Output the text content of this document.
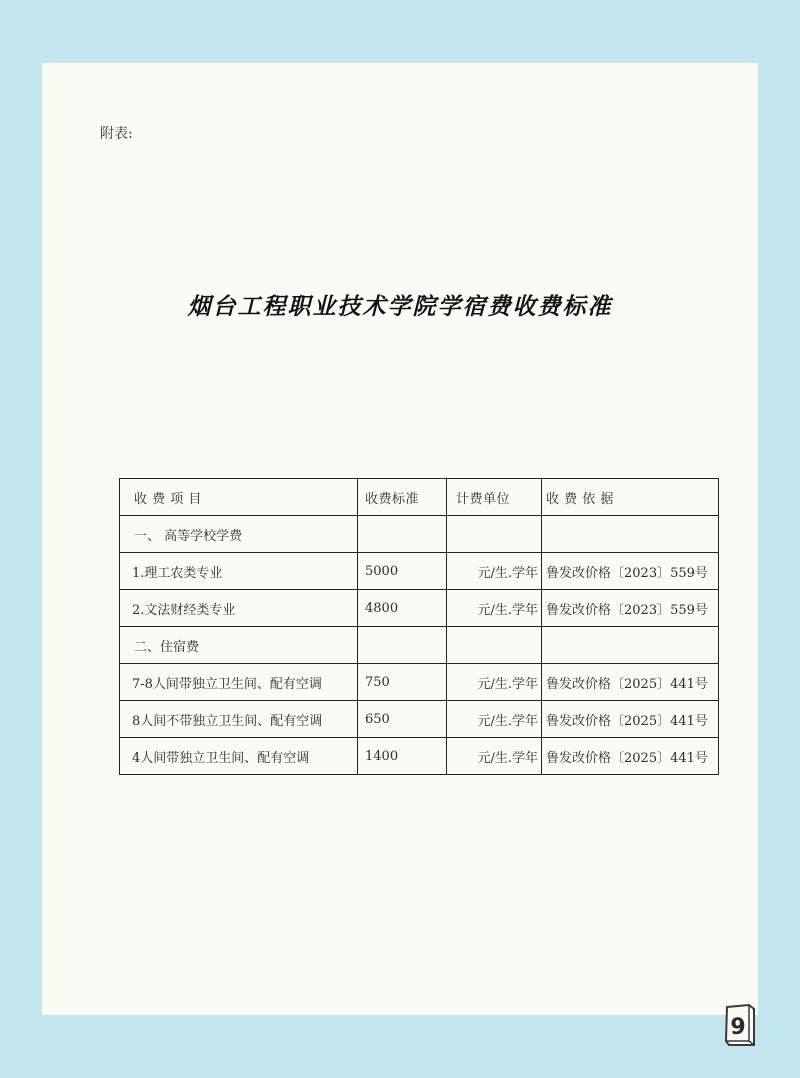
附表:
烟台工程职业技术学院学宿费收费标准
收 费 项 目	收费标准	计费单位	收 费 依 据
一、 高等学校学费			
1.理工农类专业	5000	元/生.学年	鲁发改价格〔2023〕559号
2.文法财经类专业	4800	元/生.学年	鲁发改价格〔2023〕559号
二、住宿费			
7-8人间带独立卫生间、配有空调	750	元/生.学年	鲁发改价格〔2025〕441号
8人间不带独立卫生间、配有空调	650	元/生.学年	鲁发改价格〔2025〕441号
4人间带独立卫生间、配有空调	1400	元/生.学年	鲁发改价格〔2025〕441号
9
